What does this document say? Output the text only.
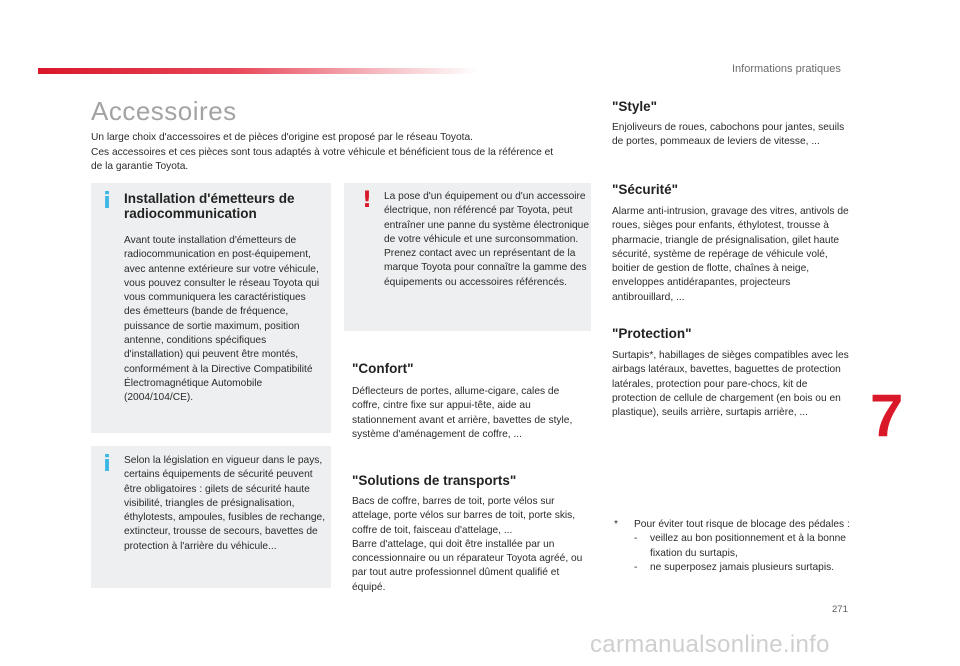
Informations pratiques
Accessoires

Un large choix d'accessoires et de pièces d'origine est proposé par le réseau Toyota.

Ces accessoires et ces pièces sont tous adaptés à votre véhicule et bénéficient tous de la référence et de la garantie Toyota.

i Installation d'émetteurs de radiocommunication

Avant toute installation d'émetteurs de radiocommunication en post-équipement, avec antenne extérieure sur votre véhicule, vous pouvez consulter le réseau Toyota qui vous communiquera les caractéristiques des émetteurs (bande de fréquence, puissance de sortie maximum, position antenne, conditions spécifiques d'installation) qui peuvent être montés, conformément à la Directive Compatibilité Électromagnétique Automobile (2004/104/CE).

i	Selon la législation en vigueur dans le pays, certains équipements de sécurité peuvent être obligatoires : gilets de sécurité haute visibilité, triangles de présignalisation, éthylotests, ampoules, fusibles de rechange, extincteur, trousse de secours, bavettes de protection à l'arrière du véhicule...

! La pose d'un équipement ou d'un accessoire électrique, non référencé par Toyota, peut entraîner une panne du système électronique de votre véhicule et une surconsommation.

Prenez contact avec un représentant de la marque Toyota pour connaître la gamme des équipements ou accessoires référencés.

"Confort"

Déflecteurs de portes, allume-cigare, cales de coffre, cintre fixe sur appui-tête, aide au stationnement avant et arrière, bavettes de style, système d'aménagement de coffre, ...

"Solutions de transports"

Bacs de coffre, barres de toit, porte vélos sur attelage, porte vélos sur barres de toit, porte skis, coffre de toit, faisceau d'attelage, ...

Barre d'attelage, qui doit être installée par un concessionnaire ou un réparateur Toyota agréé, ou par tout autre professionnel dûment qualifié et équipé.

"Style"

Enjoliveurs de roues, cabochons pour jantes, seuils de portes, pommeaux de leviers de vitesse, ...

"Sécurité"

Alarme anti-intrusion, gravage des vitres, antivols de roues, sièges pour enfants, éthylotest, trousse à pharmacie, triangle de présignalisation, gilet haute sécurité, système de repérage de véhicule volé, boitier de gestion de flotte, chaînes à neige, enveloppes antidérapantes, projecteurs antibrouillard, ...

"Protection"

Surtapis*, habillages de sièges compatibles avec les airbags latéraux, bavettes, baguettes de protection latérales, protection pour pare-chocs, kit de protection de cellule de chargement (en bois ou en plastique), seuils arrière, surtapis arrière, ...

* Pour éviter tout risque de blocage des pédales :
- veillez au bon positionnement et à la bonne fixation du surtapis,
- ne superposez jamais plusieurs surtapis.
7
271
carmanualsonline.info
